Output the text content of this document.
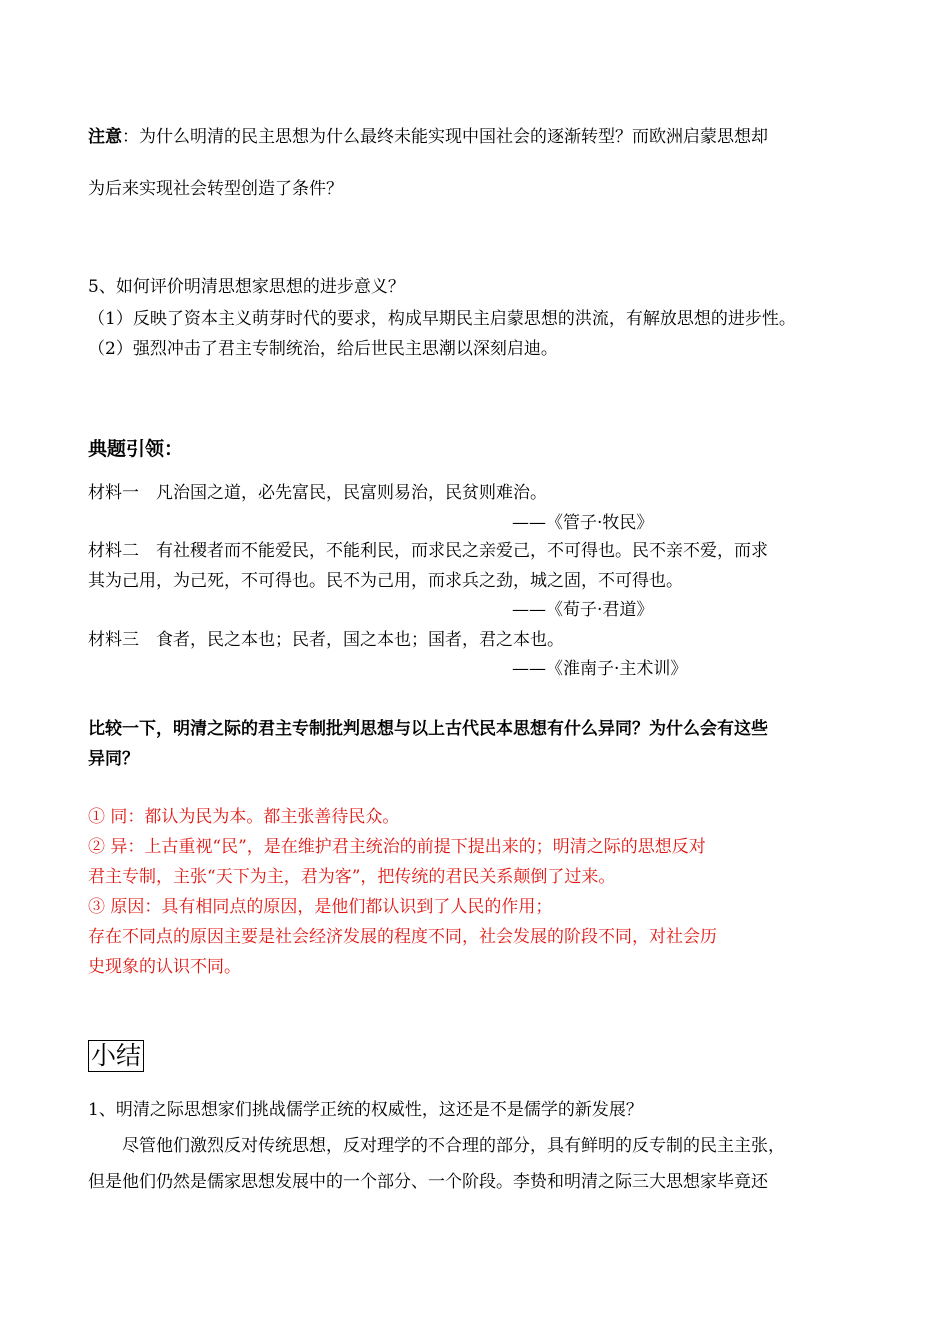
注意：为什么明清的民主思想为什么最终未能实现中国社会的逐渐转型？而欧洲启蒙思想却
为后来实现社会转型创造了条件？
5、如何评价明清思想家思想的进步意义？
（1）反映了资本主义萌芽时代的要求，构成早期民主启蒙思想的洪流，有解放思想的进步性。
（2）强烈冲击了君主专制统治，给后世民主思潮以深刻启迪。
典题引领：
材料一　凡治国之道，必先富民，民富则易治，民贫则难治。
——《管子·牧民》
材料二　有社稷者而不能爱民，不能利民，而求民之亲爱己，不可得也。民不亲不爱，而求
其为己用，为己死，不可得也。民不为己用，而求兵之劲，城之固，不可得也。
——《荀子·君道》
材料三　食者，民之本也；民者，国之本也；国者，君之本也。
——《淮南子·主术训》
比较一下，明清之际的君主专制批判思想与以上古代民本思想有什么异同？为什么会有这些
异同？
① 同：都认为民为本。都主张善待民众。
② 异：上古重视“民”，是在维护君主统治的前提下提出来的；明清之际的思想反对
君主专制，主张“天下为主，君为客”，把传统的君民关系颠倒了过来。
③ 原因：具有相同点的原因，是他们都认识到了人民的作用；
存在不同点的原因主要是社会经济发展的程度不同，社会发展的阶段不同，对社会历
史现象的认识不同。
小结
1、明清之际思想家们挑战儒学正统的权威性，这还是不是儒学的新发展？
尽管他们激烈反对传统思想，反对理学的不合理的部分，具有鲜明的反专制的民主主张，
但是他们仍然是儒家思想发展中的一个部分、一个阶段。李贽和明清之际三大思想家毕竟还
